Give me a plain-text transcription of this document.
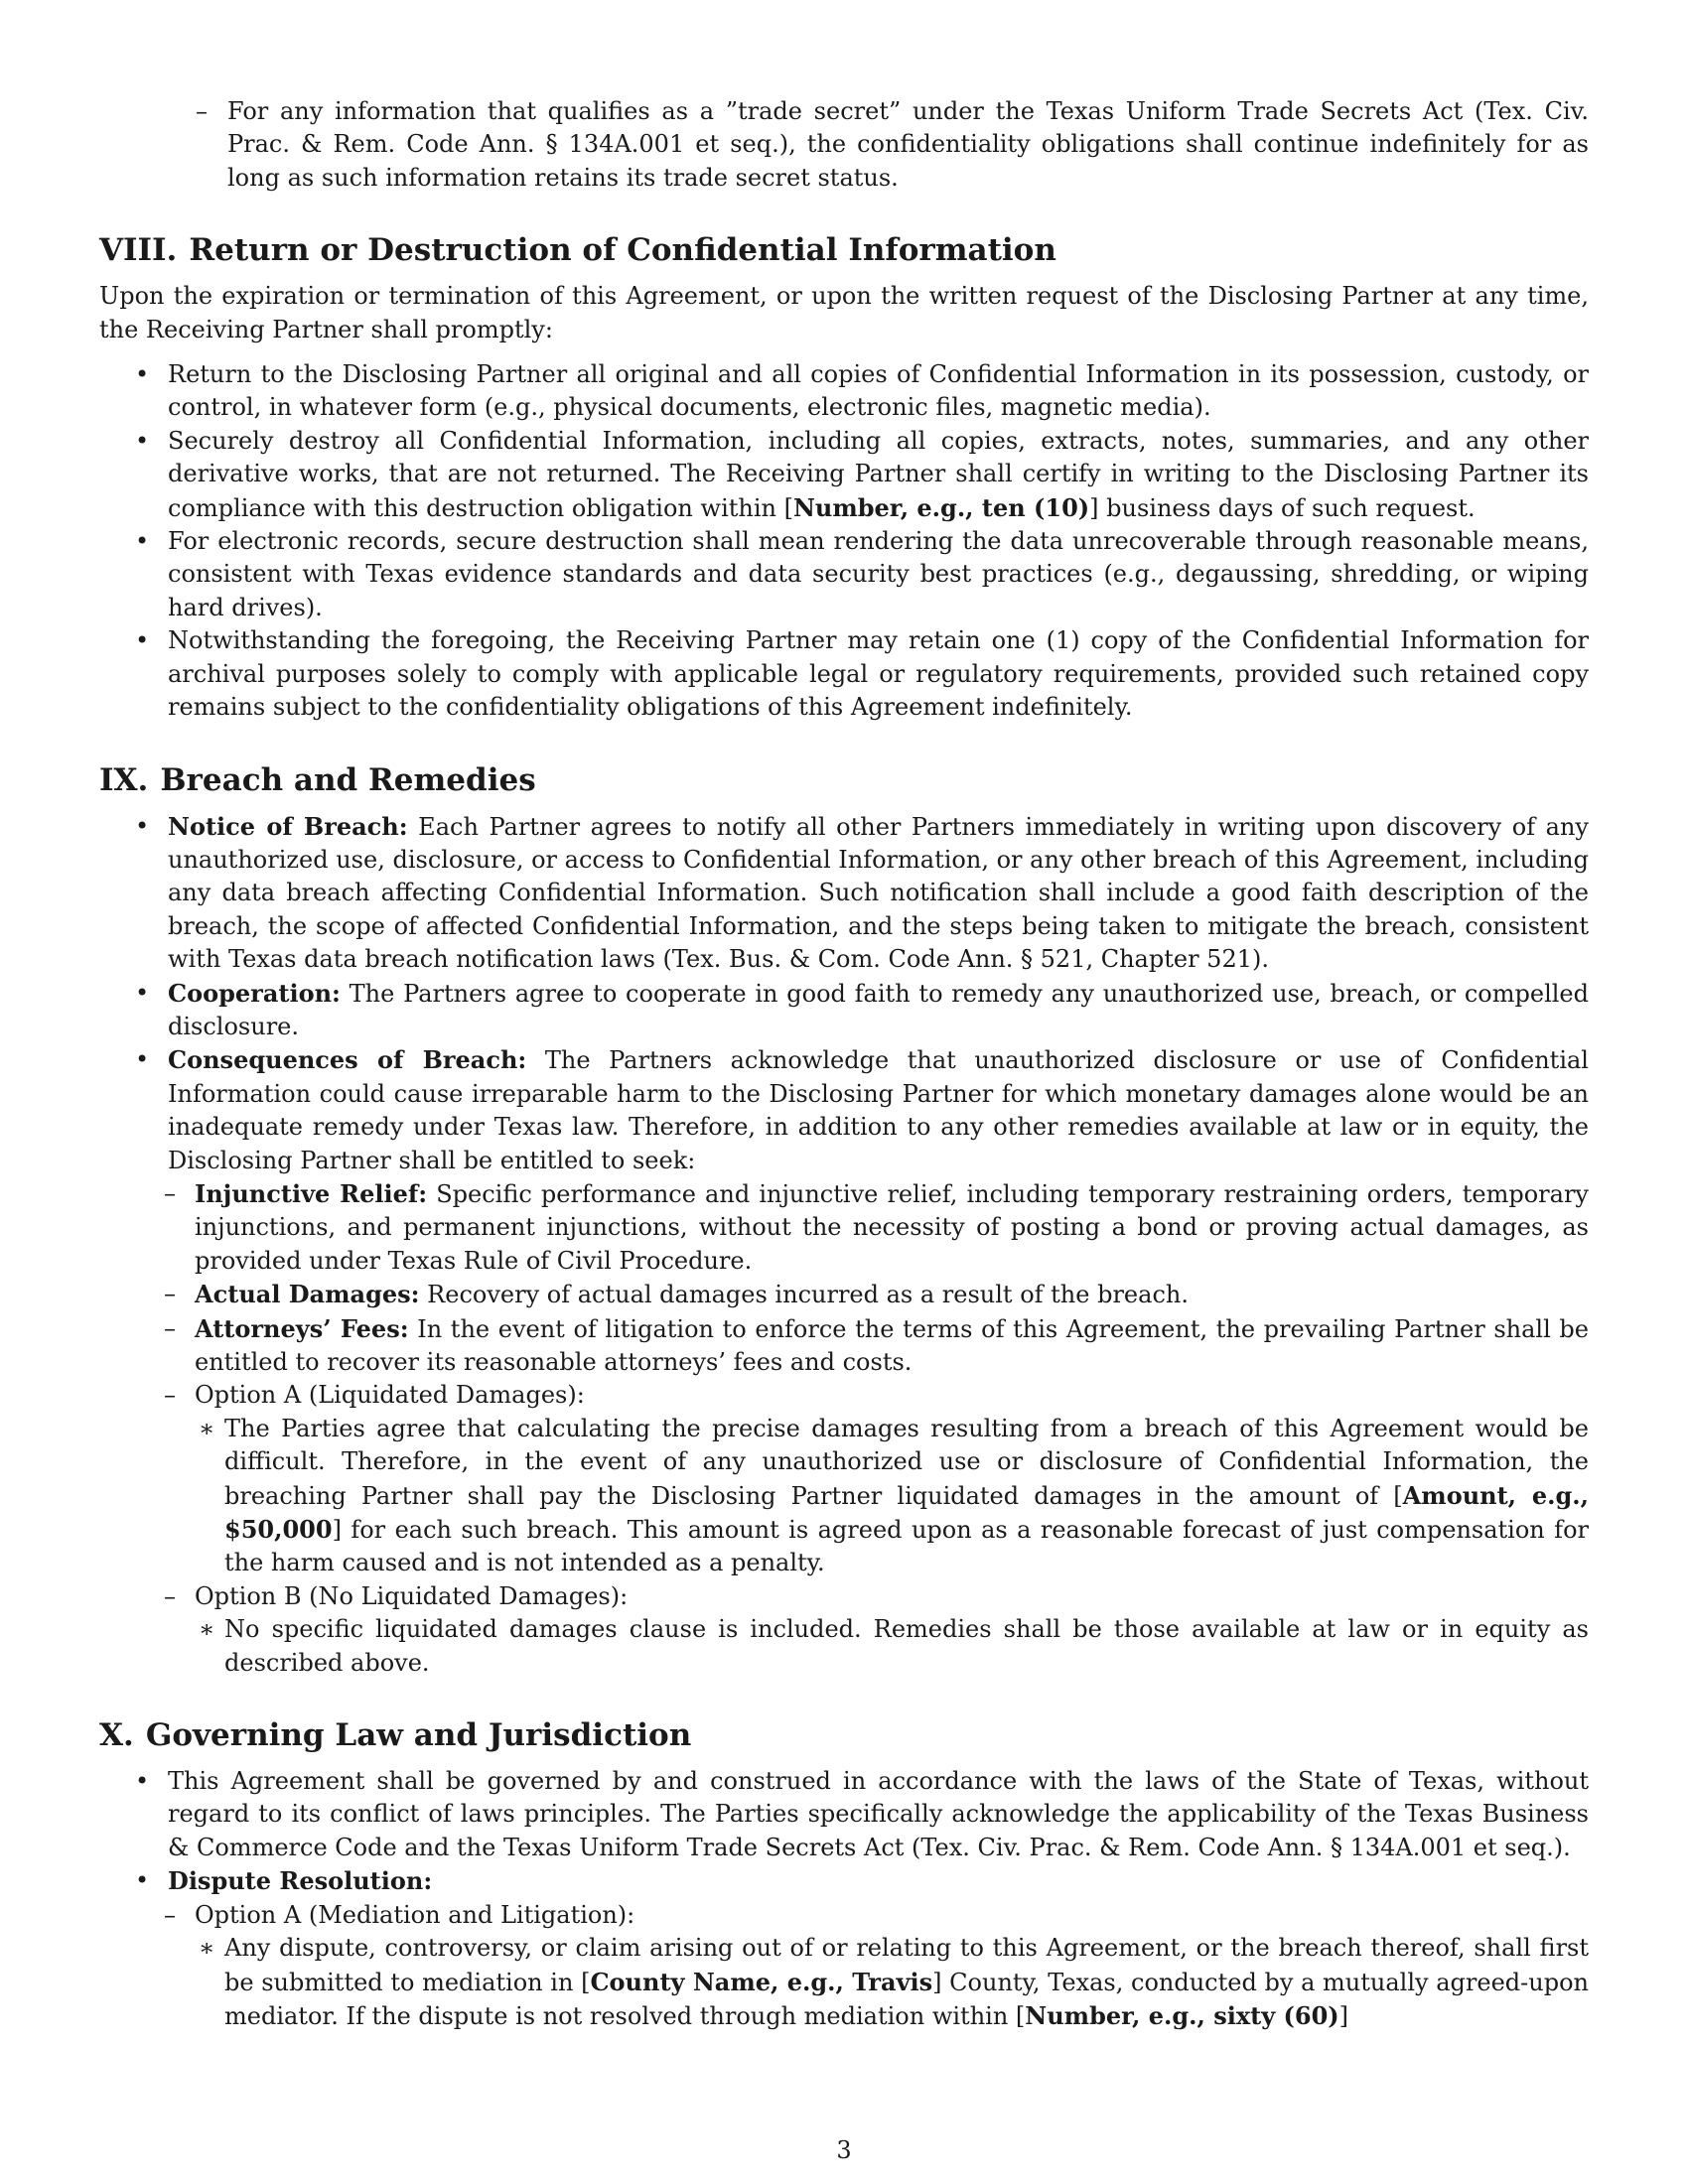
– For any information that qualifies as a ”trade secret” under the Texas Uniform Trade Secrets Act (Tex. Civ. Prac. & Rem. Code Ann. § 134A.001 et seq.), the confidentiality obligations shall continue indefinitely for as long as such information retains its trade secret status.
VIII. Return or Destruction of Confidential Information

Upon the expiration or termination of this Agreement, or upon the written request of the Disclosing Partner at any time, the Receiving Partner shall promptly:

• Return to the Disclosing Partner all original and all copies of Confidential Information in its possession, custody, or control, in whatever form (e.g., physical documents, electronic files, magnetic media).
• Securely destroy all Confidential Information, including all copies, extracts, notes, summaries, and any other derivative works, that are not returned. The Receiving Partner shall certify in writing to the Disclosing Partner its compliance with this destruction obligation within [Number, e.g., ten (10)] business days of such request.
• For electronic records, secure destruction shall mean rendering the data unrecoverable through reasonable means, consistent with Texas evidence standards and data security best practices (e.g., degaussing, shredding, or wiping hard drives).
• Notwithstanding the foregoing, the Receiving Partner may retain one (1) copy of the Confidential Information for archival purposes solely to comply with applicable legal or regulatory requirements, provided such retained copy remains subject to the confidentiality obligations of this Agreement indefinitely.
IX. Breach and Remedies
• Notice of Breach: Each Partner agrees to notify all other Partners immediately in writing upon discovery of any unauthorized use, disclosure, or access to Confidential Information, or any other breach of this Agreement, including any data breach affecting Confidential Information. Such notification shall include a good faith description of the breach, the scope of affected Confidential Information, and the steps being taken to mitigate the breach, consistent with Texas data breach notification laws (Tex. Bus. & Com. Code Ann. § 521, Chapter 521).
• Cooperation: The Partners agree to cooperate in good faith to remedy any unauthorized use, breach, or compelled disclosure.
• Consequences of Breach: The Partners acknowledge that unauthorized disclosure or use of Confidential Information could cause irreparable harm to the Disclosing Partner for which monetary damages alone would be an inadequate remedy under Texas law. Therefore, in addition to any other remedies available at law or in equity, the Disclosing Partner shall be entitled to seek:
– Injunctive Relief: Specific performance and injunctive relief, including temporary restraining orders, temporary injunctions, and permanent injunctions, without the necessity of posting a bond or proving actual damages, as provided under Texas Rule of Civil Procedure.
– Actual Damages: Recovery of actual damages incurred as a result of the breach.
– Attorneys’ Fees: In the event of litigation to enforce the terms of this Agreement, the prevailing Partner shall be entitled to recover its reasonable attorneys’ fees and costs.
– Option A (Liquidated Damages):
∗ The Parties agree that calculating the precise damages resulting from a breach of this Agreement would be difficult. Therefore, in the event of any unauthorized use or disclosure of Confidential Information, the breaching Partner shall pay the Disclosing Partner liquidated damages in the amount of [Amount, e.g., $50,000] for each such breach. This amount is agreed upon as a reasonable forecast of just compensation for the harm caused and is not intended as a penalty.
– Option B (No Liquidated Damages):
∗ No specific liquidated damages clause is included. Remedies shall be those available at law or in equity as described above.
X. Governing Law and Jurisdiction
• This Agreement shall be governed by and construed in accordance with the laws of the State of Texas, without regard to its conflict of laws principles. The Parties specifically acknowledge the applicability of the Texas Business & Commerce Code and the Texas Uniform Trade Secrets Act (Tex. Civ. Prac. & Rem. Code Ann. § 134A.001 et seq.).
• Dispute Resolution:
– Option A (Mediation and Litigation):
∗ Any dispute, controversy, or claim arising out of or relating to this Agreement, or the breach thereof, shall first be submitted to mediation in [County Name, e.g., Travis] County, Texas, conducted by a mutually agreed-upon mediator. If the dispute is not resolved through mediation within [Number, e.g., sixty (60)]
3
